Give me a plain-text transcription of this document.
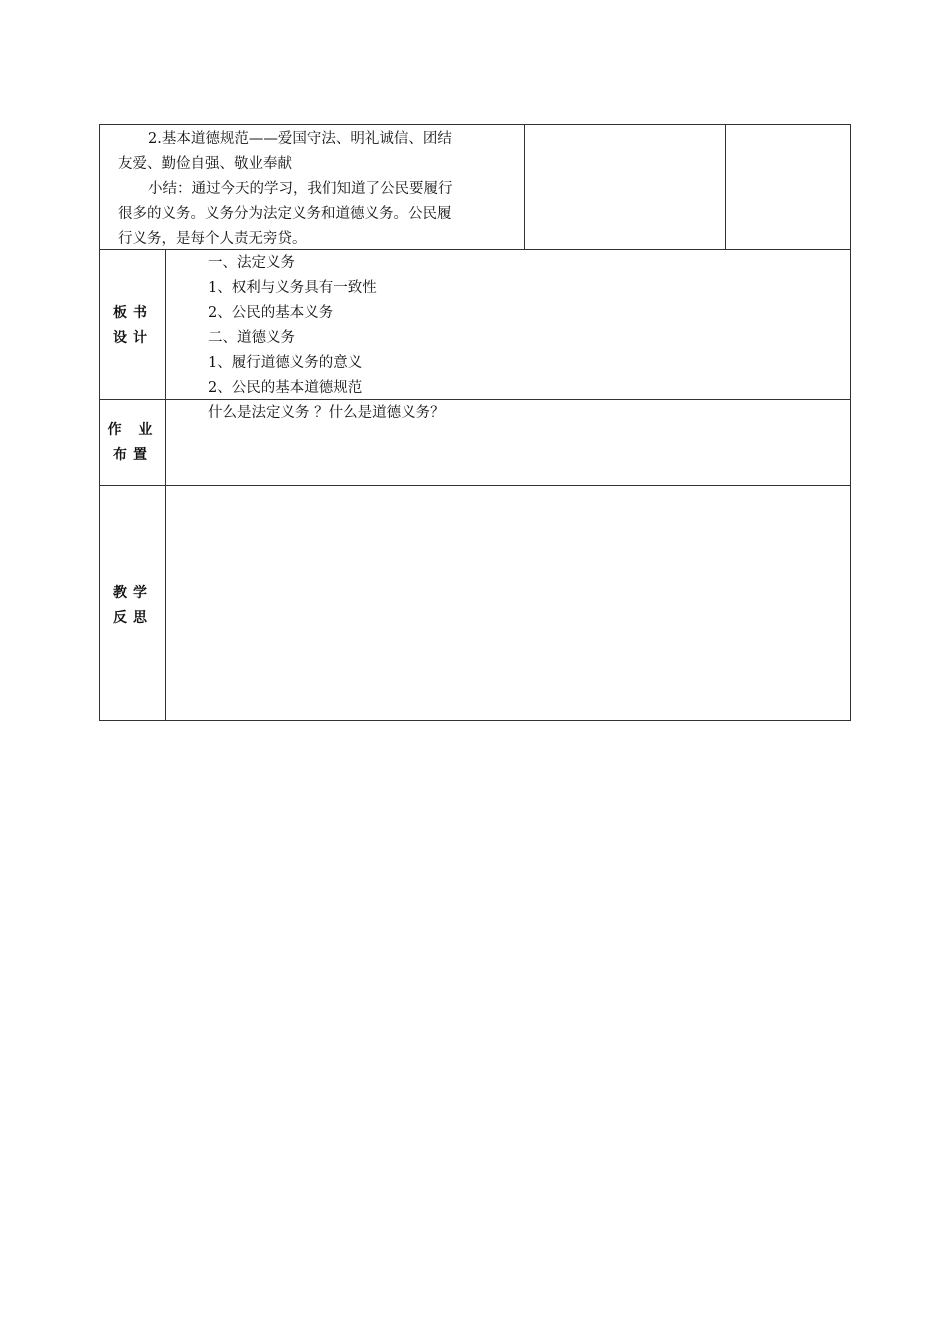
2.基本道德规范——爱国守法、明礼诚信、团结

友爱、勤俭自强、敬业奉献

小结：通过今天的学习，我们知道了公民要履行

很多的义务。义务分为法定义务和道德义务。公民履

行义务，是每个人责无旁贷。

板书
设计
一、法定义务
1、权利与义务具有一致性
2、公民的基本义务
二、道德义务
1、履行道德义务的意义
2、公民的基本道德规范
作 业
布置
什么是法定义务 ？什么是道德义务？
教学
反思
